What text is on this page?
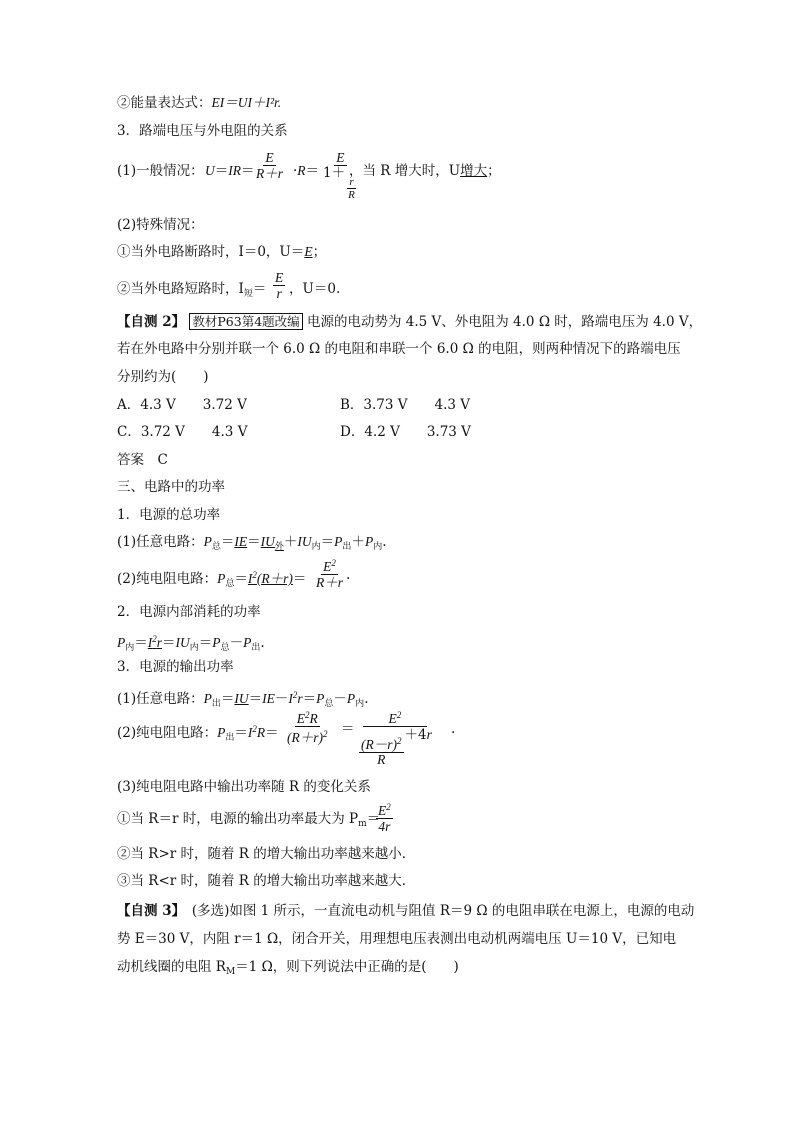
②能量表达式：EI＝UI＋I²r.
3．路端电压与外电阻的关系
(1)一般情况： $U=IR= \frac{E}{R+r} \cdot R= E$
1＋
$\frac{r}{R}$
，当 R 增大时，U增大；
(2)特殊情况：
①当外电路断路时，I＝0，U＝E；
②当外电路短路时，$I_短= \frac{E}{r}$ ，U＝0.
【自测 2】 教材P63第4题改编 电源的电动势为 4.5 V、外电阻为 4.0 Ω 时，路端电压为 4.0 V，
若在外电路中分别并联一个 6.0 Ω 的电阻和串联一个 6.0 Ω 的电阻，则两种情况下的路端电压
分别约为(　　)
A．4.3 V　　3.72 V	B．3.73 V　　4.3 V
C．3.72 V　　4.3 V	D．4.2 V　　3.73 V
答案　C
三、电路中的功率
1．电源的总功率
(1)任意电路：$P_总=IE=IU_外+IU_内=P_出+P_内$.
(2)纯电阻电路：$P_总=I^2(R+r)= \frac{E^2}{R+r}$ .
2．电源内部消耗的功率
$P_内=I^2r=IU_内=P_总-P_出$.
3．电源的输出功率
(1)任意电路：$P_出=IU=IE-I^2r=P_总-P_内$.
(2)纯电阻电路：$P_出=I^2R= \frac{E^2R}{(R+r)^2} = \frac{E^2}{\frac{(R-r)^2}{R} +4r}$ .
(3)纯电阻电路中输出功率随 R 的变化关系
①当 R＝r 时，电源的输出功率最大为 $P_m=$
$\frac{E^2}{4r}$
②当 R>r 时，随着 R 的增大输出功率越来越小．
③当 R<r 时，随着 R 的增大输出功率越来越大．
【自测 3】　 (多选)如图 1 所示，一直流电动机与阻值 R＝9 Ω 的电阻串联在电源上，电源的电动
势 E＝30 V，内阻 r＝1 Ω，闭合开关，用理想电压表测出电动机两端电压 U＝10 V，已知电
动机线圈的电阻 $R_M=1$ Ω，则下列说法中正确的是(　　)
